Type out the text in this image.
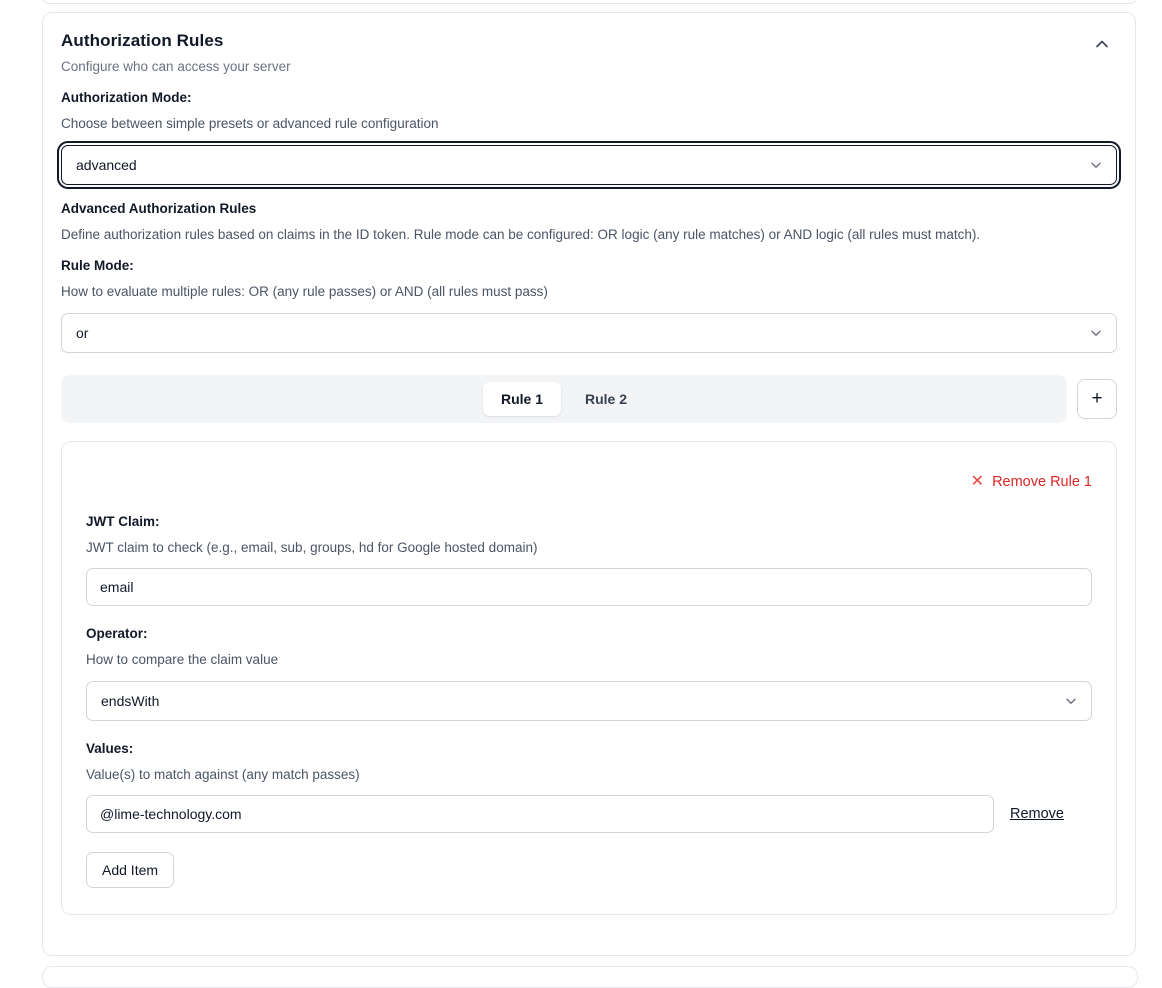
Authorization Rules
Configure who can access your server
Authorization Mode:
Choose between simple presets or advanced rule configuration
advanced
Advanced Authorization Rules
Define authorization rules based on claims in the ID token. Rule mode can be configured: OR logic (any rule matches) or AND logic (all rules must match).
Rule Mode:
How to evaluate multiple rules: OR (any rule passes) or AND (all rules must pass)
or
Rule 1	Rule 2	+
✕ Remove Rule 1
JWT Claim:
JWT claim to check (e.g., email, sub, groups, hd for Google hosted domain)
email
Operator:
How to compare the claim value
endsWith
Values:
Value(s) to match against (any match passes)
@lime-technology.com
Remove
Add Item
